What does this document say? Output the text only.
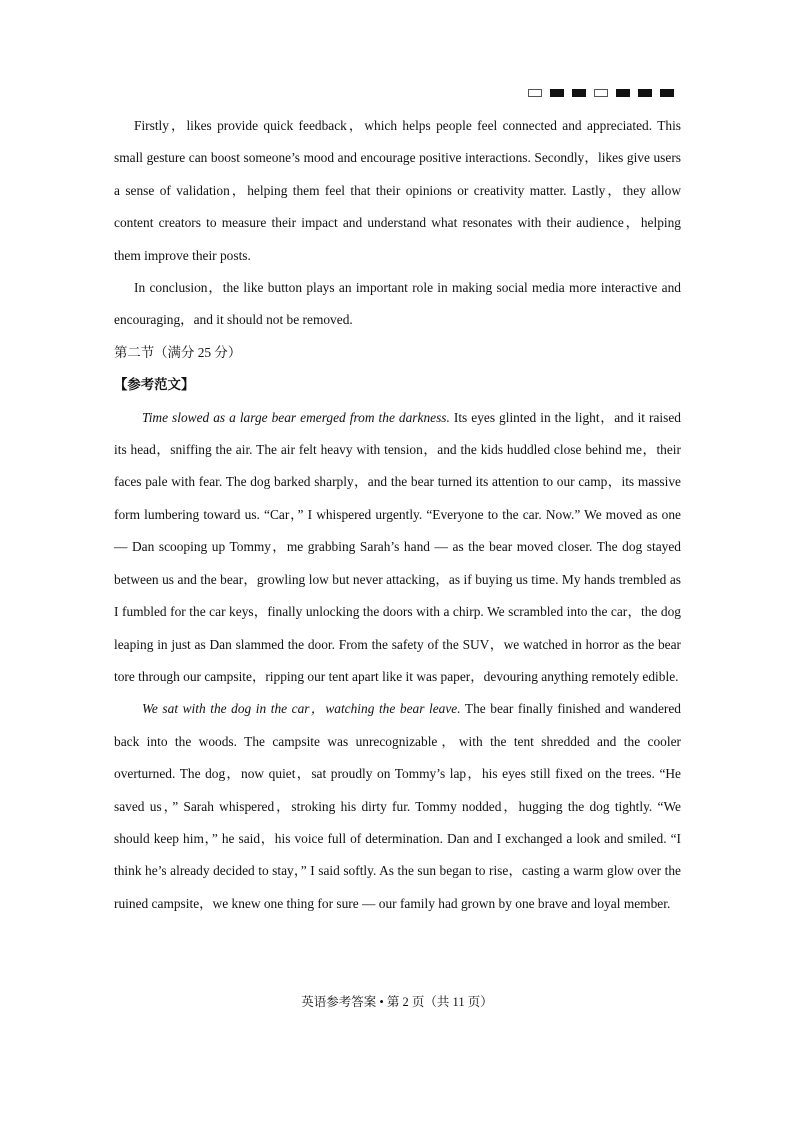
Firstly，likes provide quick feedback，which helps people feel connected and appreciated. This small gesture can boost someone’s mood and encourage positive interactions. Secondly，likes give users a sense of validation，helping them feel that their opinions or creativity matter. Lastly，they allow content creators to measure their impact and understand what resonates with their audience，helping them improve their posts.

In conclusion，the like button plays an important role in making social media more interactive and encouraging，and it should not be removed.

第二节（满分 25 分）

【参考范文】

Time slowed as a large bear emerged from the darkness. Its eyes glinted in the light，and it raised its head，sniffing the air. The air felt heavy with tension，and the kids huddled close behind me，their faces pale with fear. The dog barked sharply，and the bear turned its attention to our camp，its massive form lumbering toward us. “Car，” I whispered urgently. “Everyone to the car. Now.” We moved as one — Dan scooping up Tommy，me grabbing Sarah’s hand — as the bear moved closer. The dog stayed between us and the bear，growling low but never attacking，as if buying us time. My hands trembled as I fumbled for the car keys，finally unlocking the doors with a chirp. We scrambled into the car，the dog leaping in just as Dan slammed the door. From the safety of the SUV，we watched in horror as the bear tore through our campsite，ripping our tent apart like it was paper，devouring anything remotely edible.

We sat with the dog in the car，watching the bear leave. The bear finally finished and wandered back into the woods. The campsite was unrecognizable，with the tent shredded and the cooler overturned. The dog，now quiet，sat proudly on Tommy’s lap，his eyes still fixed on the trees. “He saved us，” Sarah whispered，stroking his dirty fur. Tommy nodded，hugging the dog tightly. “We should keep him，” he said，his voice full of determination. Dan and I exchanged a look and smiled. “I think he’s already decided to stay，” I said softly. As the sun began to rise，casting a warm glow over the ruined campsite，we knew one thing for sure — our family had grown by one brave and loyal member.

英语参考答案 • 第 2 页（共 11 页）
